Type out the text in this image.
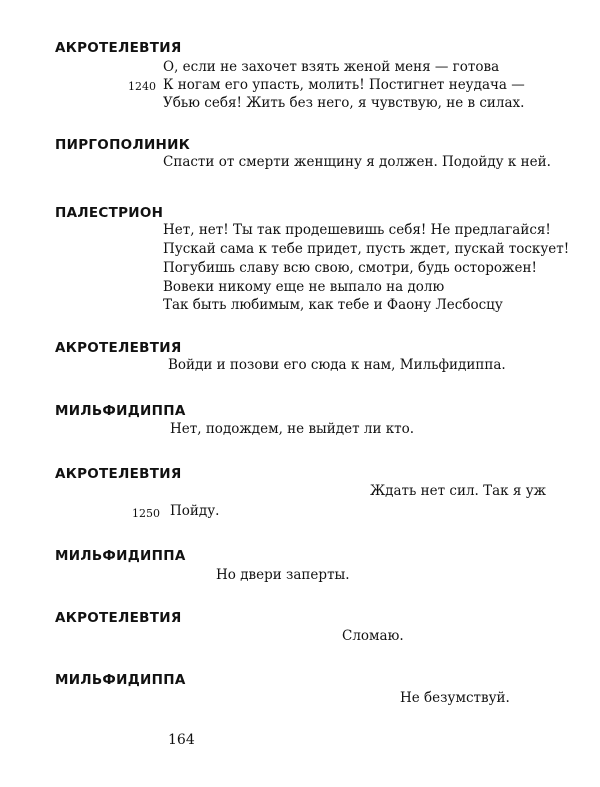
АКРОТЕЛЕВТИЯ
О, если не захочет взять женой меня — готова
1240 К ногам его упасть, молить! Постигнет неудача —
Убью себя! Жить без него, я чувствую, не в силах.
ПИРГОПОЛИНИК
Спасти от смерти женщину я должен. Подойду к ней.
ПАЛЕСТРИОН
Нет, нет! Ты так продешевишь себя! Не предлагайся!
Пускай сама к тебе придет, пусть ждет, пускай тоскует!
Погубишь славу всю свою, смотри, будь осторожен!
Вовеки никому еще не выпало на долю
Так быть любимым, как тебе и Фаону Лесбосцу
АКРОТЕЛЕВТИЯ
Войди и позови его сюда к нам, Мильфидиппа.
МИЛЬФИДИППА
Нет, подождем, не выйдет ли кто.
АКРОТЕЛЕВТИЯ
Ждать нет сил. Так я уж
1250 Пойду.
МИЛЬФИДИППА
Но двери заперты.
АКРОТЕЛЕВТИЯ
Сломаю.
МИЛЬФИДИППА
Не безумствуй.
164
